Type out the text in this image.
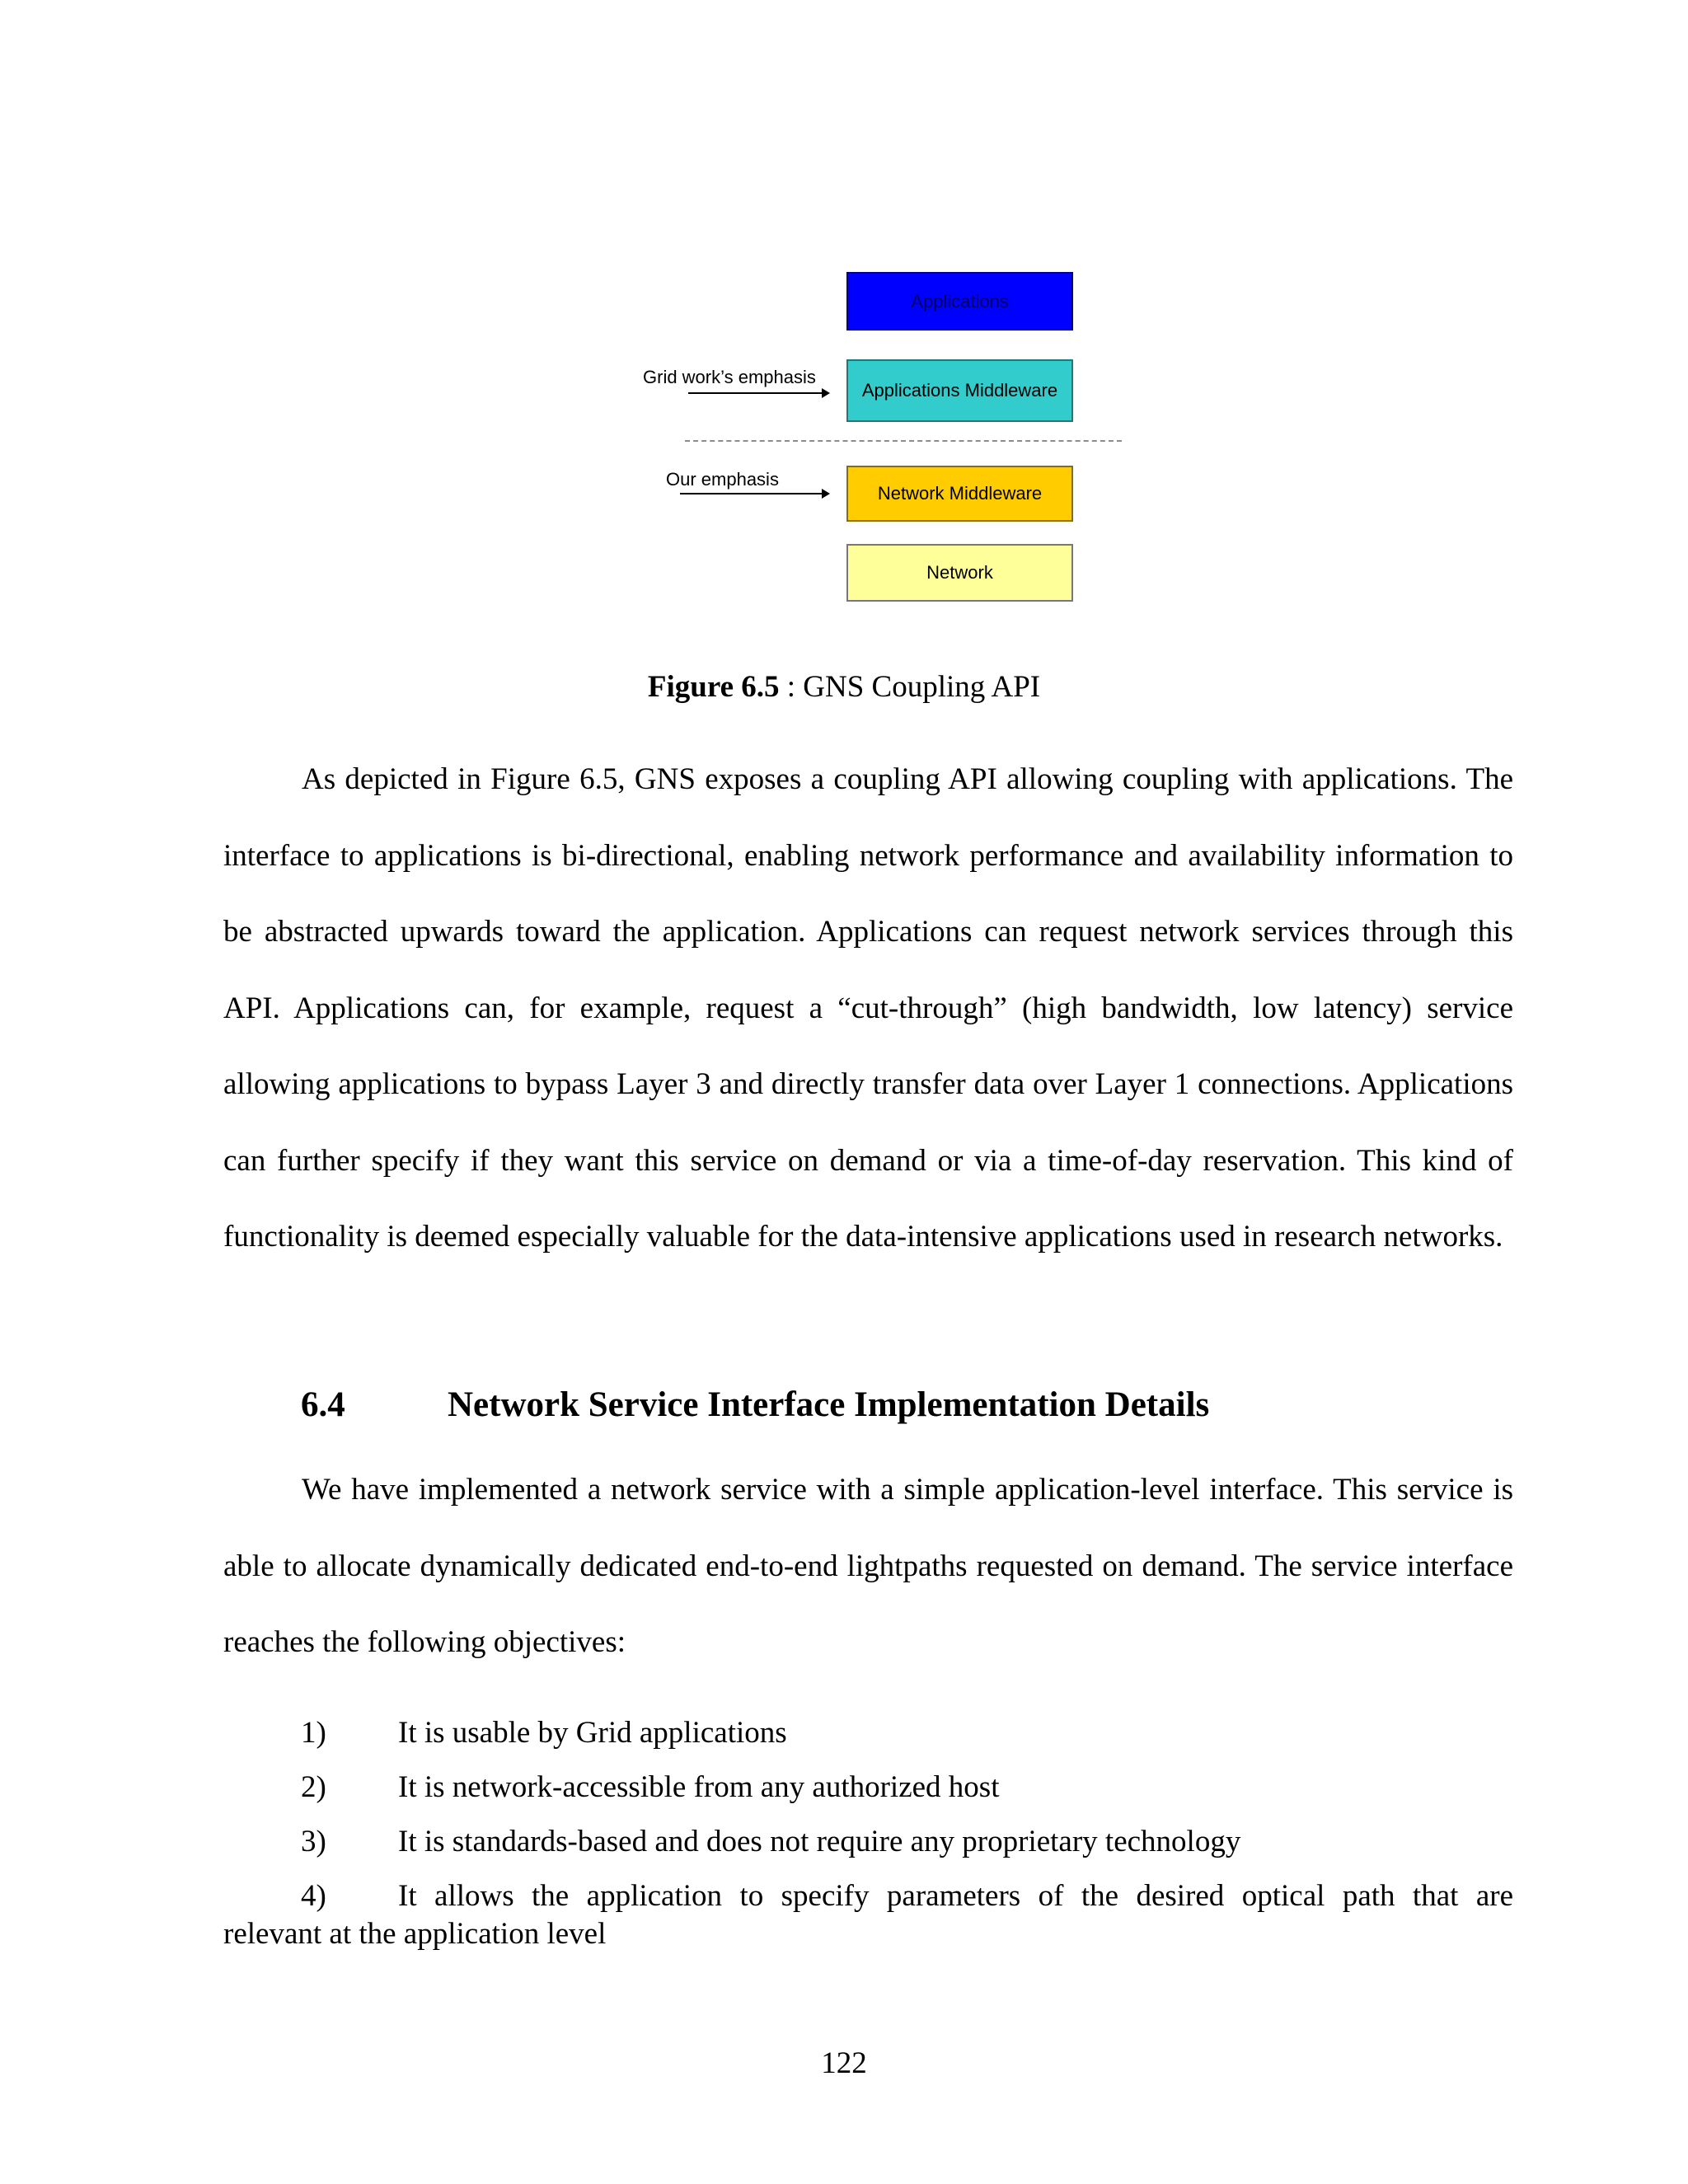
Applications
Applications Middleware
Network Middleware
Network
Grid work’s emphasis
Our emphasis
Figure 6.5 : GNS Coupling API

As depicted in Figure 6.5, GNS exposes a coupling API allowing coupling with applications. The interface to applications is bi-directional, enabling network performance and availability information to be abstracted upwards toward the application. Applications can request network services through this API. Applications can, for example, request a “cut-through” (high bandwidth, low latency) service allowing applications to bypass Layer 3 and directly transfer data over Layer 1 connections. Applications can further specify if they want this service on demand or via a time-of-day reservation. This kind of functionality is deemed especially valuable for the data-intensive applications used in research networks.

6.4	Network Service Interface Implementation Details

We have implemented a network service with a simple application-level interface. This service is able to allocate dynamically dedicated end-to-end lightpaths requested on demand. The service interface reaches the following objectives:

1) It is usable by Grid applications
2) It is network-accessible from any authorized host
3) It is standards-based and does not require any proprietary technology
4) It allows the application to specify parameters of the desired optical path that are
relevant at the application level
122
